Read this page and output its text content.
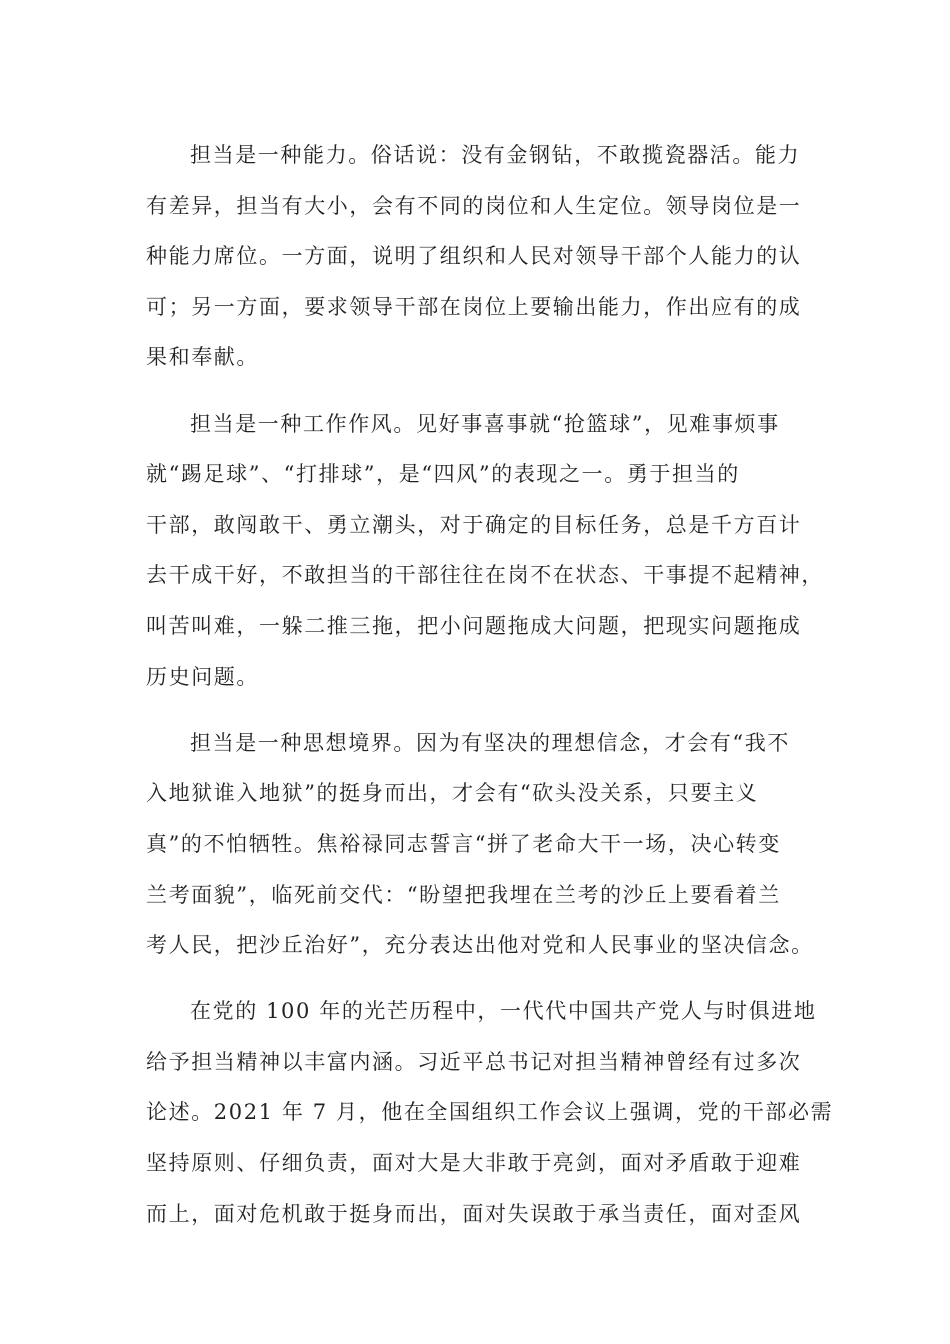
担当是一种能力。俗话说：没有金钢钻，不敢揽瓷器活。能力
有差异，担当有大小，会有不同的岗位和人生定位。领导岗位是一
种能力席位。一方面，说明了组织和人民对领导干部个人能力的认
可；另一方面，要求领导干部在岗位上要输出能力，作出应有的成
果和奉献。
担当是一种工作作风。见好事喜事就“抢篮球”，见难事烦事
就“踢足球”、“打排球”，是“四风”的表现之一。勇于担当的
干部，敢闯敢干、勇立潮头，对于确定的目标任务，总是千方百计
去干成干好，不敢担当的干部往往在岗不在状态、干事提不起精神，
叫苦叫难，一躲二推三拖，把小问题拖成大问题，把现实问题拖成
历史问题。
担当是一种思想境界。因为有坚决的理想信念，才会有“我不
入地狱谁入地狱”的挺身而出，才会有“砍头没关系，只要主义
真”的不怕牺牲。焦裕禄同志誓言“拼了老命大干一场，决心转变
兰考面貌”，临死前交代：“盼望把我埋在兰考的沙丘上要看着兰
考人民，把沙丘治好”，充分表达出他对党和人民事业的坚决信念。
在党的 100 年的光芒历程中，一代代中国共产党人与时俱进地
给予担当精神以丰富内涵。习近平总书记对担当精神曾经有过多次
论述。2021 年 7 月，他在全国组织工作会议上强调，党的干部必需
坚持原则、仔细负责，面对大是大非敢于亮剑，面对矛盾敢于迎难
而上，面对危机敢于挺身而出，面对失误敢于承当责任，面对歪风
